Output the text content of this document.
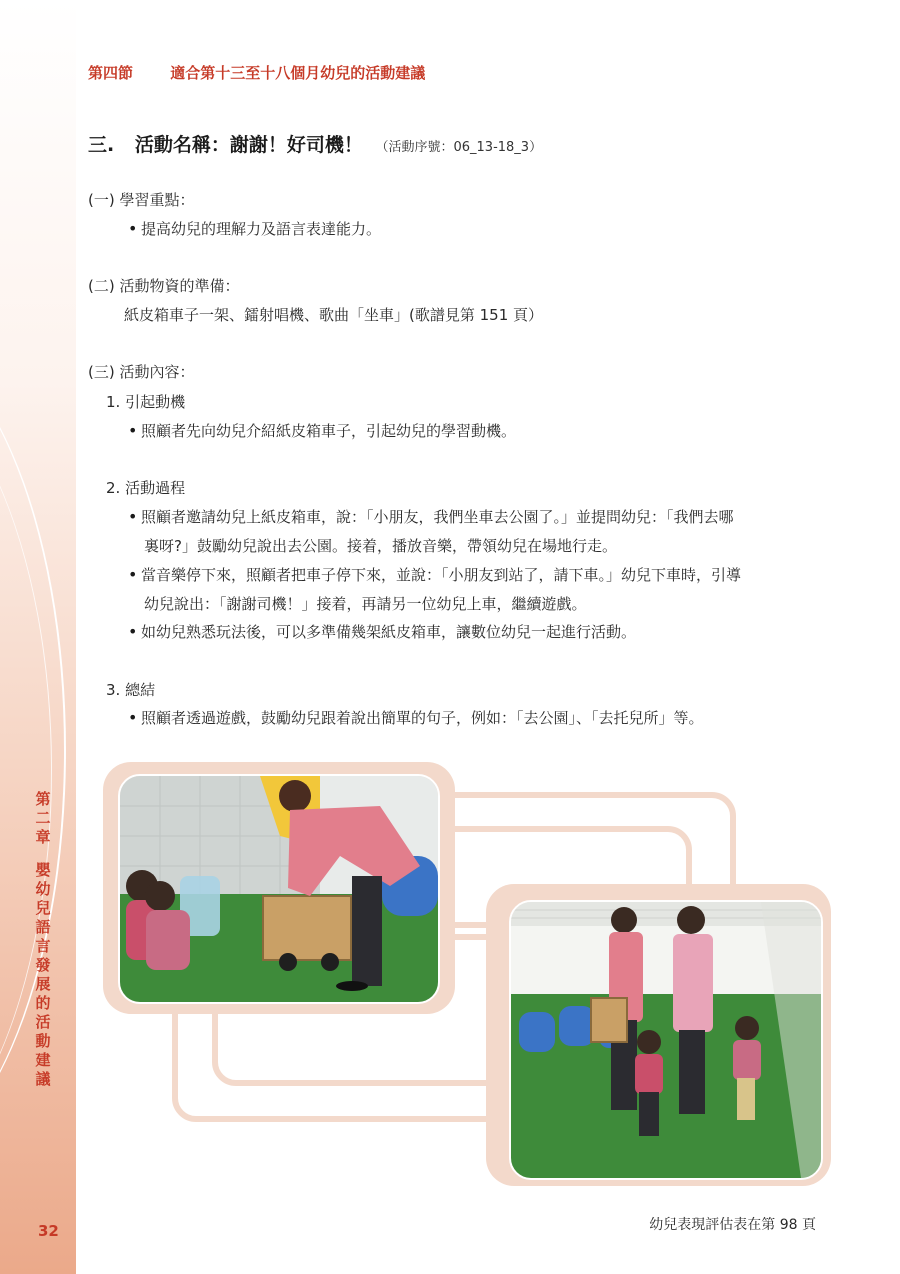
第
二
章
嬰
幼
兒
語
言
發
展
的
活
動
建
議
32
第四節 適合第十三至十八個月幼兒的活動建議
三. 活動名稱：謝謝！好司機！ （活動序號：06_13-18_3）
(一) 學習重點：
• 提高幼兒的理解力及語言表達能力。
(二) 活動物資的準備：
紙皮箱車子一架、鐳射唱機、歌曲「坐車」(歌譜見第 151 頁）
(三) 活動內容：
1. 引起動機
• 照顧者先向幼兒介紹紙皮箱車子，引起幼兒的學習動機。
2. 活動過程
• 照顧者邀請幼兒上紙皮箱車，說：「小朋友，我們坐車去公園了。」並提問幼兒：「我們去哪
裏呀?」鼓勵幼兒說出去公園。接着，播放音樂，帶領幼兒在場地行走。
• 當音樂停下來，照顧者把車子停下來，並說：「小朋友到站了，請下車。」幼兒下車時，引導
幼兒說出：「謝謝司機！」接着，再請另一位幼兒上車，繼續遊戲。
• 如幼兒熟悉玩法後，可以多準備幾架紙皮箱車，讓數位幼兒一起進行活動。
3. 總結
• 照顧者透過遊戲，鼓勵幼兒跟着說出簡單的句子，例如：「去公園」、「去托兒所」等。
幼兒表現評估表在第 98 頁
